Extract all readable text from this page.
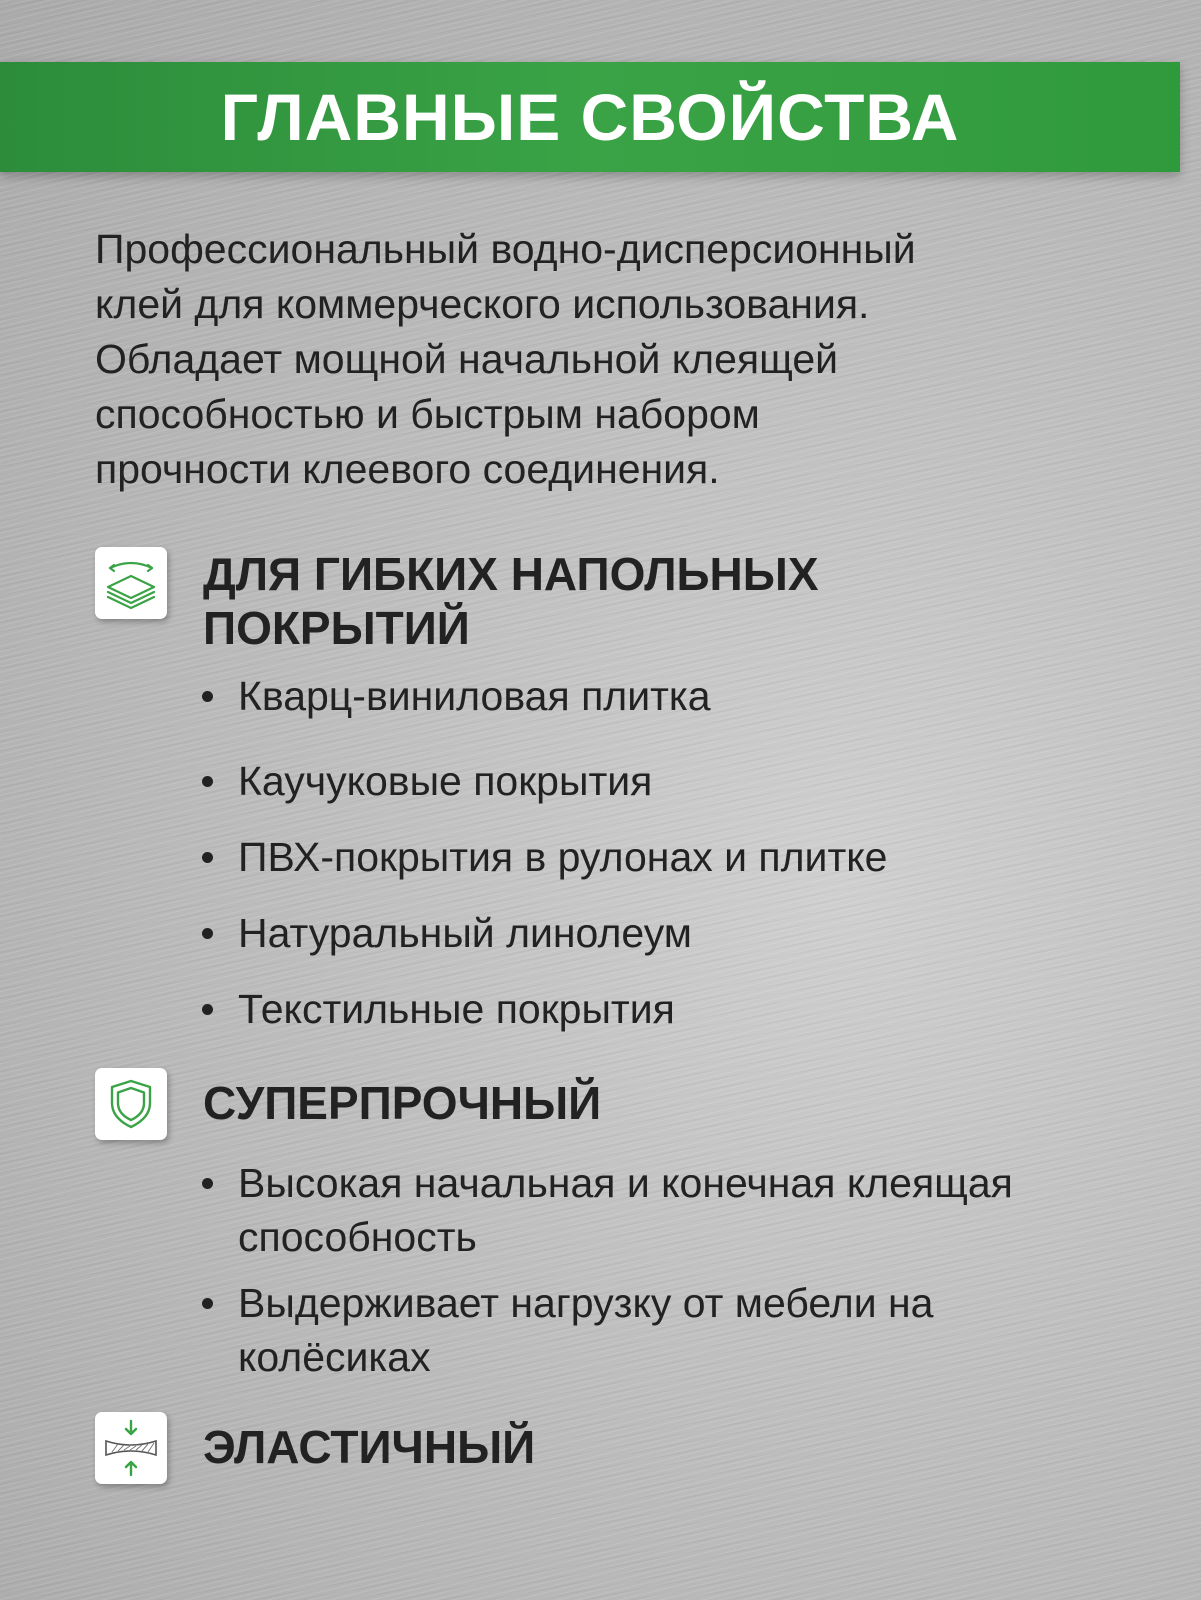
ГЛАВНЫЕ СВОЙСТВА
Профессиональный водно-дисперсионный
клей для коммерческого использования.
Обладает мощной начальной клеящей
способностью и быстрым набором
прочности клеевого соединения.
ДЛЯ ГИБКИХ НАПОЛЬНЫХ
ПОКРЫТИЙ
Кварц-виниловая плитка
Каучуковые покрытия
ПВХ-покрытия в рулонах и плитке
Натуральный линолеум
Текстильные покрытия
СУПЕРПРОЧНЫЙ
Высокая начальная и конечная клеящая способность
Выдерживает нагрузку от мебели на колёсиках
ЭЛАСТИЧНЫЙ
